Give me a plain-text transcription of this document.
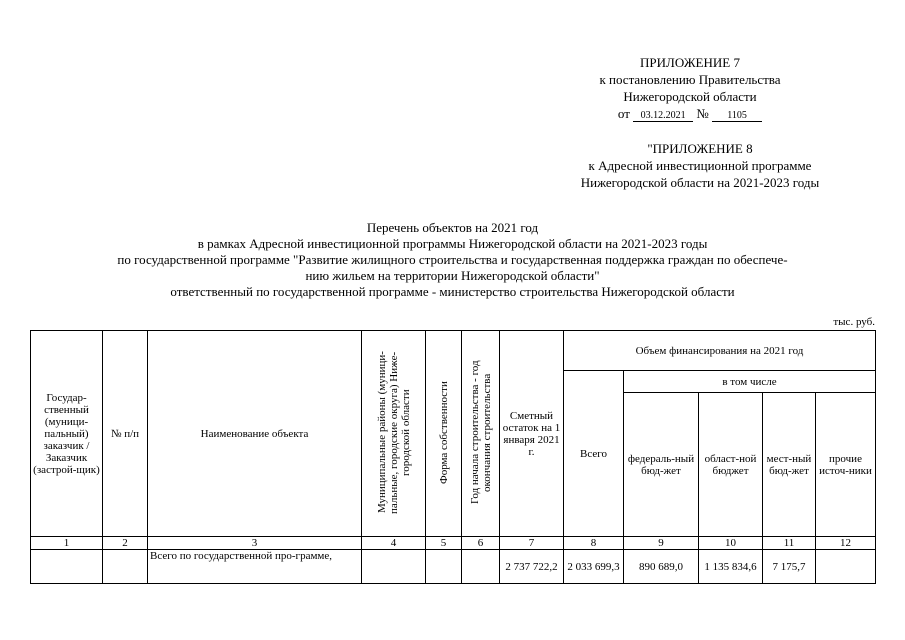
ПРИЛОЖЕНИЕ 7
к постановлению Правительства
Нижегородской области
от 03.12.2021 № 1105
"ПРИЛОЖЕНИЕ 8
к Адресной инвестиционной программе
Нижегородской области на 2021-2023 годы
Перечень объектов на 2021 год
в рамках Адресной инвестиционной программы Нижегородской области на 2021-2023 годы
по государственной программе "Развитие жилищного строительства и государственная поддержка граждан по обеспече-
нию жильем на территории Нижегородской области"
ответственный по государственной программе - министерство строительства Нижегородской области
тыс. руб.
Государ-ственный (муници-пальный) заказчик / Заказчик (застрой-щик)	№ п/п	Наименование объекта	Муниципальные районы (муници-пальные, городские округа) Ниже-городской области	Форма собственности	Год начала строительства - год окончания строительства	Сметный остаток на 1 января 2021 г.	Объем финансирования на 2021 год				
							Всего	в том числе			
								федераль-ный бюд-жет	област-ной бюджет	мест-ный бюд-жет	прочие источ-ники
1	2	3	4	5	6	7	8	9	10	11	12
		Всего по государственной про-грамме,				2 737 722,2	2 033 699,3	890 689,0	1 135 834,6	7 175,7	
